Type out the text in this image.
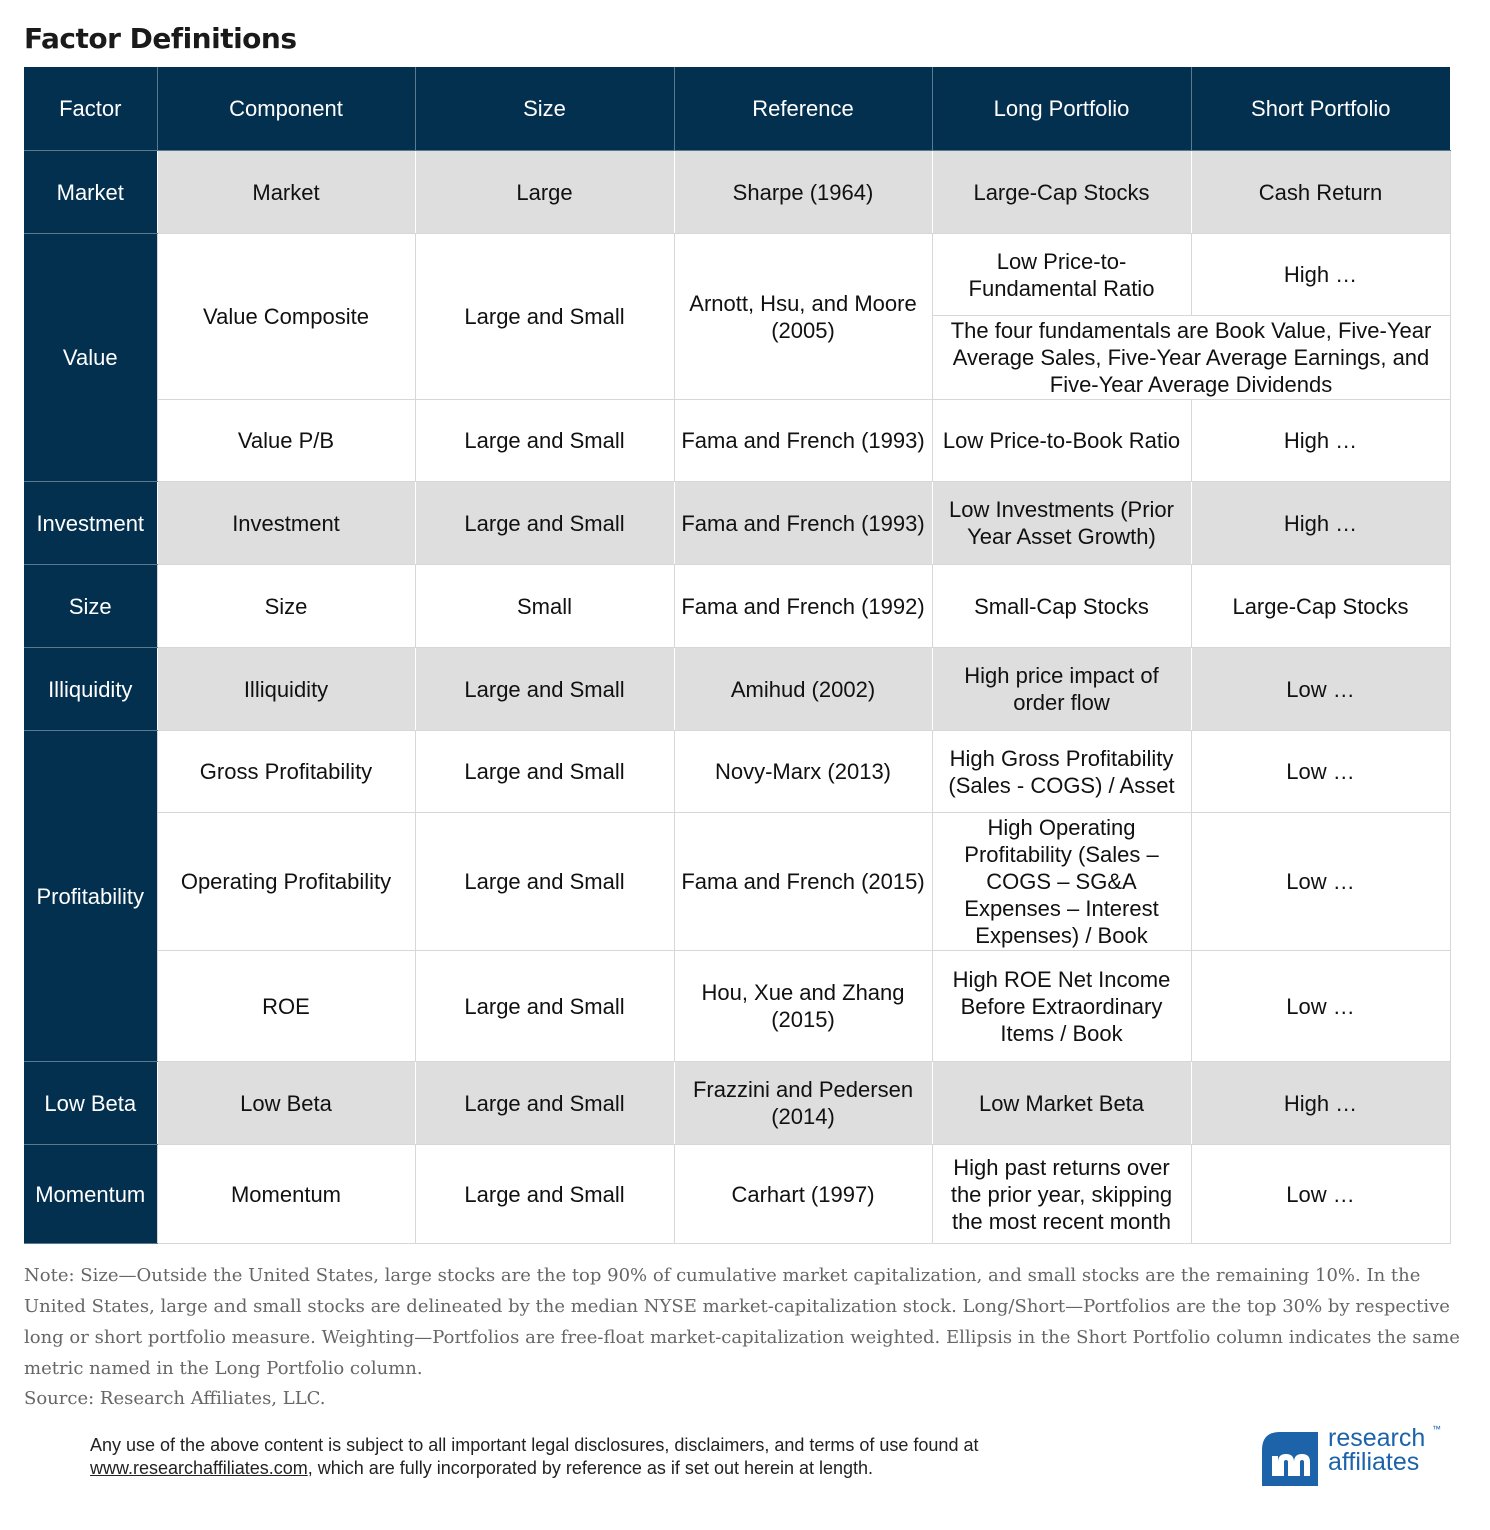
Factor Definitions
Factor	Component	Size	Reference	Long Portfolio	Short Portfolio
Market	Market	Large	Sharpe (1964)	Large-Cap Stocks	Cash Return
Value	Value Composite	Large and Small	Arnott, Hsu, and Moore (2005)	Low Price-to-Fundamental Ratio	High …
				The four fundamentals are Book Value, Five-Year Average Sales, Five-Year Average Earnings, and Five-Year Average Dividends	
	Value P/B	Large and Small	Fama and French (1993)	Low Price-to-Book Ratio	High …
Investment	Investment	Large and Small	Fama and French (1993)	Low Investments (Prior Year Asset Growth)	High …
Size	Size	Small	Fama and French (1992)	Small-Cap Stocks	Large-Cap Stocks
Illiquidity	Illiquidity	Large and Small	Amihud (2002)	High price impact of order flow	Low …
Profitability	Gross Profitability	Large and Small	Novy-Marx (2013)	High Gross Profitability (Sales - COGS) / Asset	Low …
	Operating Profitability	Large and Small	Fama and French (2015)	High Operating Profitability (Sales – COGS – SG&A Expenses – Interest Expenses) / Book	Low …
	ROE	Large and Small	Hou, Xue and Zhang (2015)	High ROE Net Income Before Extraordinary Items / Book	Low …
Low Beta	Low Beta	Large and Small	Frazzini and Pedersen (2014)	Low Market Beta	High …
Momentum	Momentum	Large and Small	Carhart (1997)	High past returns over the prior year, skipping the most recent month	Low …
Note: Size—Outside the United States, large stocks are the top 90% of cumulative market capitalization, and small stocks are the remaining 10%. In the United States, large and small stocks are delineated by the median NYSE market-capitalization stock. Long/Short—Portfolios are the top 30% by respective long or short portfolio measure. Weighting—Portfolios are free-float market-capitalization weighted. Ellipsis in the Short Portfolio column indicates the same metric named in the Long Portfolio column.
Source: Research Affiliates, LLC.
Any use of the above content is subject to all important legal disclosures, disclaimers, and terms of use found at
www.researchaffiliates.com, which are fully incorporated by reference as if set out herein at length.
research
affiliates
™
